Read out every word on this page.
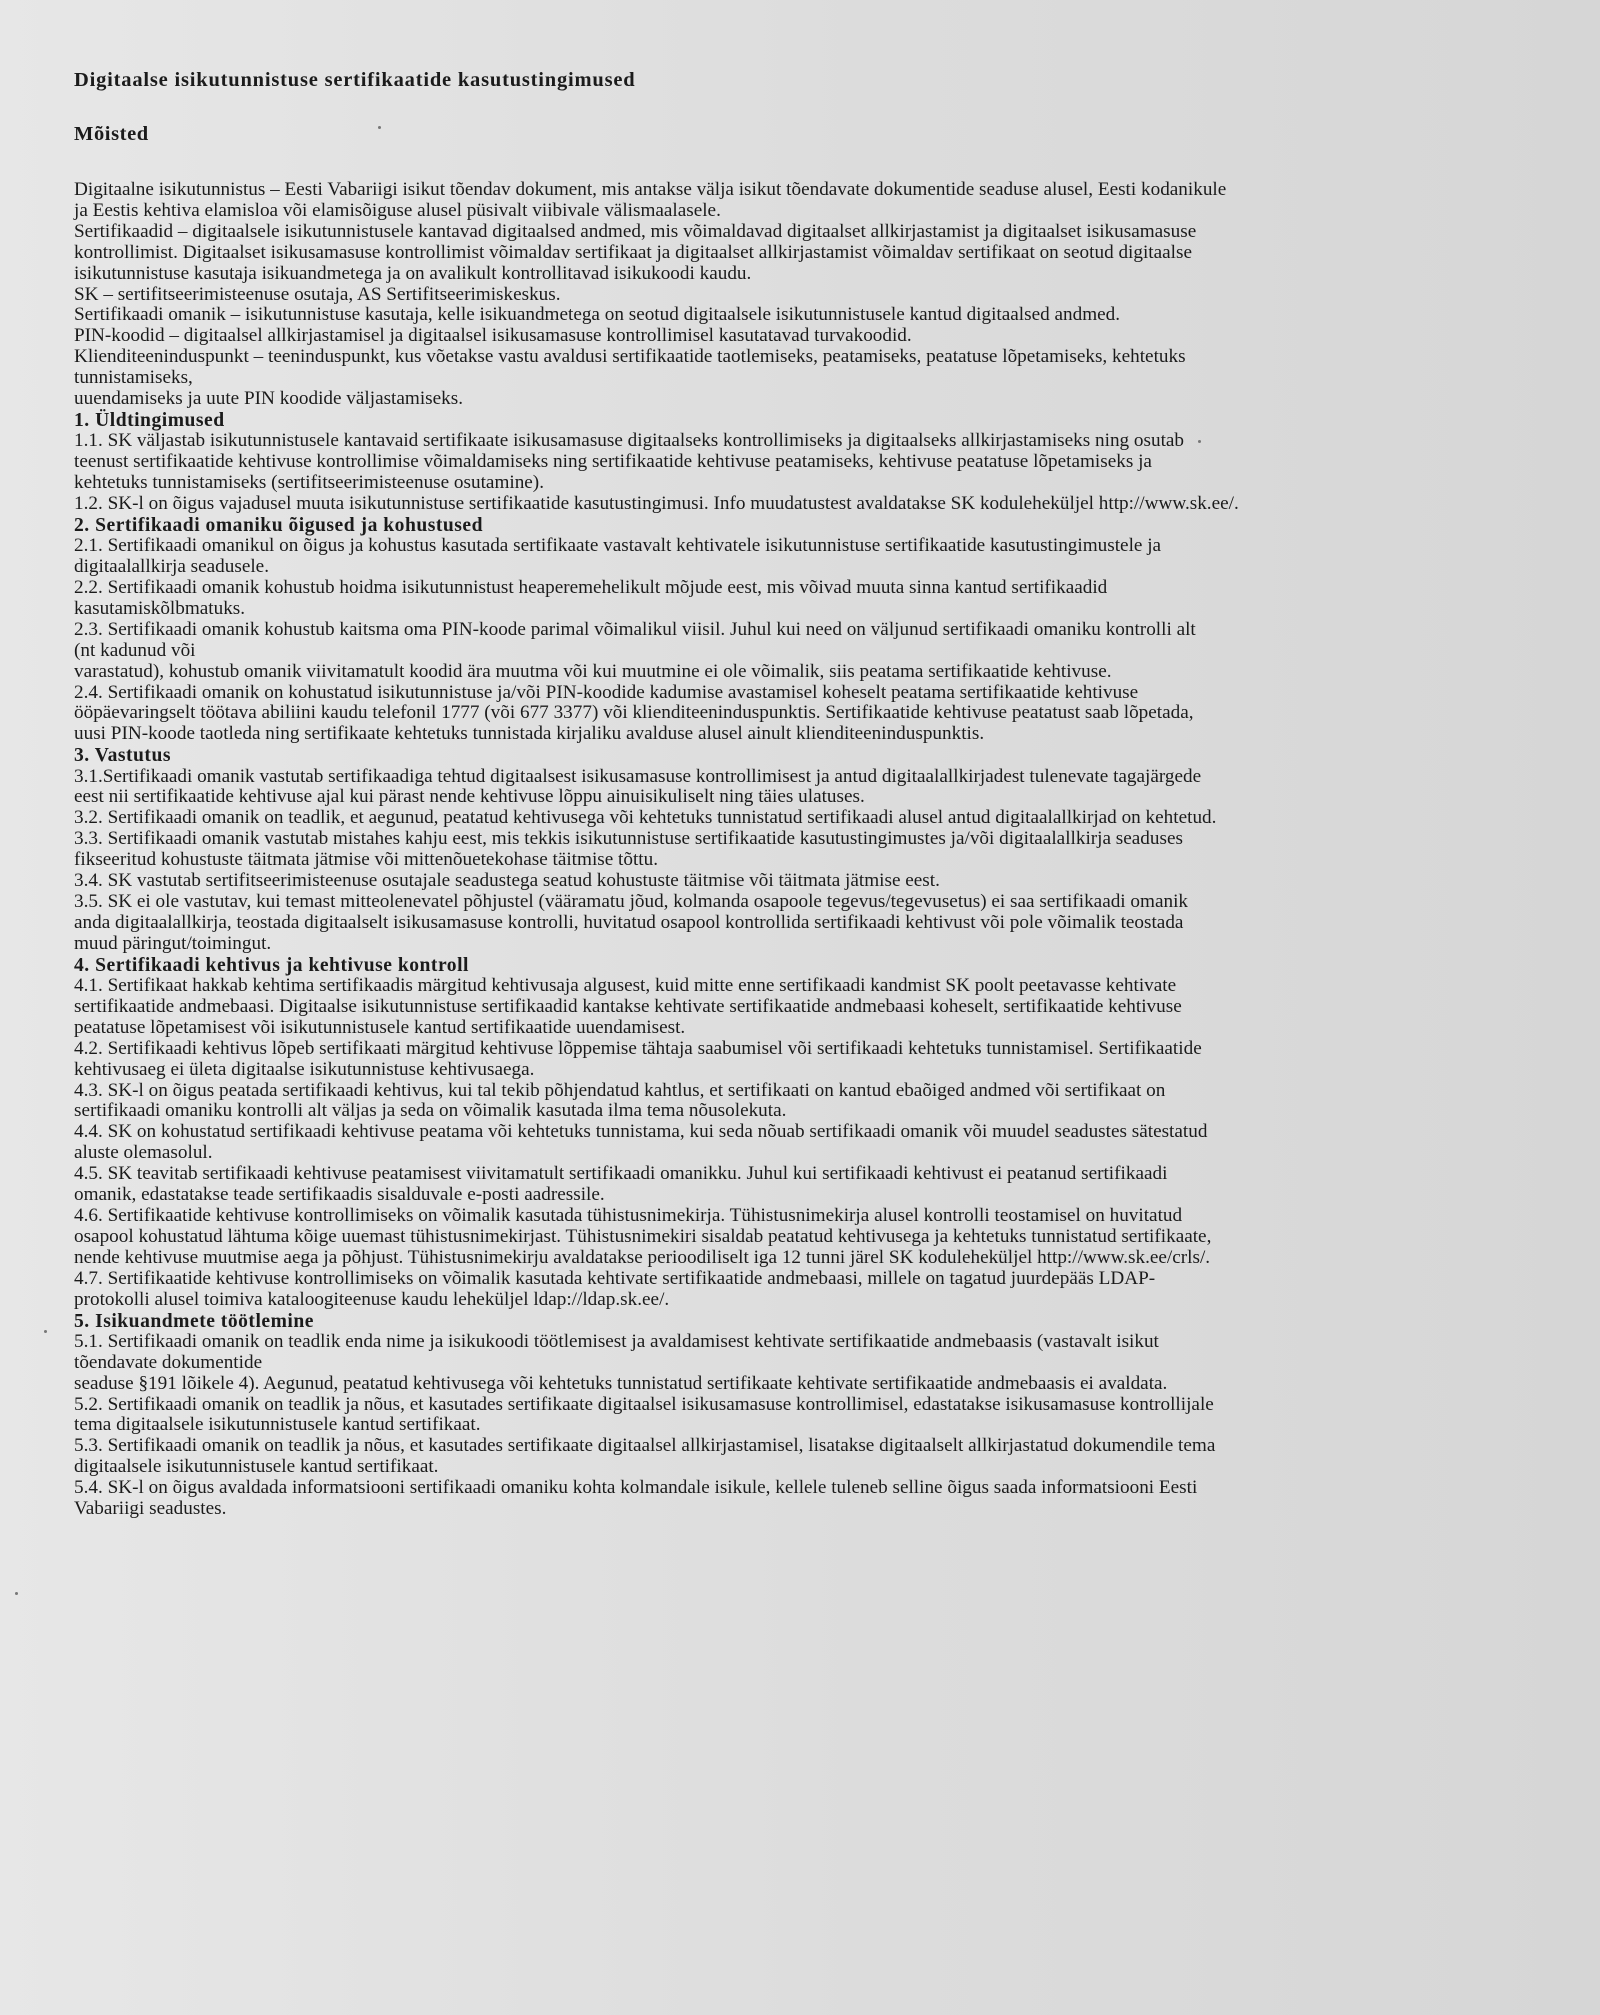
Digitaalse isikutunnistuse sertifikaatide kasutustingimused
Mõisted

Digitaalne isikutunnistus – Eesti Vabariigi isikut tõendav dokument, mis antakse välja isikut tõendavate dokumentide seaduse alusel, Eesti kodanikule

ja Eestis kehtiva elamisloa või elamisõiguse alusel püsivalt viibivale välismaalasele.

Sertifikaadid – digitaalsele isikutunnistusele kantavad digitaalsed andmed, mis võimaldavad digitaalset allkirjastamist ja digitaalset isikusamasuse

kontrollimist. Digitaalset isikusamasuse kontrollimist võimaldav sertifikaat ja digitaalset allkirjastamist võimaldav sertifikaat on seotud digitaalse

isikutunnistuse kasutaja isikuandmetega ja on avalikult kontrollitavad isikukoodi kaudu.

SK – sertifitseerimisteenuse osutaja, AS Sertifitseerimiskeskus.

Sertifikaadi omanik – isikutunnistuse kasutaja, kelle isikuandmetega on seotud digitaalsele isikutunnistusele kantud digitaalsed andmed.

PIN-koodid – digitaalsel allkirjastamisel ja digitaalsel isikusamasuse kontrollimisel kasutatavad turvakoodid.

Klienditeeninduspunkt – teeninduspunkt, kus võetakse vastu avaldusi sertifikaatide taotlemiseks, peatamiseks, peatatuse lõpetamiseks, kehtetuks

tunnistamiseks,

uuendamiseks ja uute PIN koodide väljastamiseks.

1. Üldtingimused

1.1. SK väljastab isikutunnistusele kantavaid sertifikaate isikusamasuse digitaalseks kontrollimiseks ja digitaalseks allkirjastamiseks ning osutab

teenust sertifikaatide kehtivuse kontrollimise võimaldamiseks ning sertifikaatide kehtivuse peatamiseks, kehtivuse peatatuse lõpetamiseks ja

kehtetuks tunnistamiseks (sertifitseerimisteenuse osutamine).

1.2. SK-l on õigus vajadusel muuta isikutunnistuse sertifikaatide kasutustingimusi. Info muudatustest avaldatakse SK koduleheküljel http://www.sk.ee/.

2. Sertifikaadi omaniku õigused ja kohustused

2.1. Sertifikaadi omanikul on õigus ja kohustus kasutada sertifikaate vastavalt kehtivatele isikutunnistuse sertifikaatide kasutustingimustele ja

digitaalallkirja seadusele.

2.2. Sertifikaadi omanik kohustub hoidma isikutunnistust heaperemehelikult mõjude eest, mis võivad muuta sinna kantud sertifikaadid

kasutamiskõlbmatuks.

2.3. Sertifikaadi omanik kohustub kaitsma oma PIN-koode parimal võimalikul viisil. Juhul kui need on väljunud sertifikaadi omaniku kontrolli alt

(nt kadunud või

varastatud), kohustub omanik viivitamatult koodid ära muutma või kui muutmine ei ole võimalik, siis peatama sertifikaatide kehtivuse.

2.4. Sertifikaadi omanik on kohustatud isikutunnistuse ja/või PIN-koodide kadumise avastamisel koheselt peatama sertifikaatide kehtivuse

ööpäevaringselt töötava abiliini kaudu telefonil 1777 (või 677 3377) või klienditeeninduspunktis. Sertifikaatide kehtivuse peatatust saab lõpetada,

uusi PIN-koode taotleda ning sertifikaate kehtetuks tunnistada kirjaliku avalduse alusel ainult klienditeeninduspunktis.

3. Vastutus

3.1.Sertifikaadi omanik vastutab sertifikaadiga tehtud digitaalsest isikusamasuse kontrollimisest ja antud digitaalallkirjadest tulenevate tagajärgede

eest nii sertifikaatide kehtivuse ajal kui pärast nende kehtivuse lõppu ainuisikuliselt ning täies ulatuses.

3.2. Sertifikaadi omanik on teadlik, et aegunud, peatatud kehtivusega või kehtetuks tunnistatud sertifikaadi alusel antud digitaalallkirjad on kehtetud.

3.3. Sertifikaadi omanik vastutab mistahes kahju eest, mis tekkis isikutunnistuse sertifikaatide kasutustingimustes ja/või digitaalallkirja seaduses

fikseeritud kohustuste täitmata jätmise või mittenõuetekohase täitmise tõttu.

3.4. SK vastutab sertifitseerimisteenuse osutajale seadustega seatud kohustuste täitmise või täitmata jätmise eest.

3.5. SK ei ole vastutav, kui temast mitteolenevatel põhjustel (vääramatu jõud, kolmanda osapoole tegevus/tegevusetus) ei saa sertifikaadi omanik

anda digitaalallkirja, teostada digitaalselt isikusamasuse kontrolli, huvitatud osapool kontrollida sertifikaadi kehtivust või pole võimalik teostada

muud päringut/toimingut.

4. Sertifikaadi kehtivus ja kehtivuse kontroll

4.1. Sertifikaat hakkab kehtima sertifikaadis märgitud kehtivusaja algusest, kuid mitte enne sertifikaadi kandmist SK poolt peetavasse kehtivate

sertifikaatide andmebaasi. Digitaalse isikutunnistuse sertifikaadid kantakse kehtivate sertifikaatide andmebaasi koheselt, sertifikaatide kehtivuse

peatatuse lõpetamisest või isikutunnistusele kantud sertifikaatide uuendamisest.

4.2. Sertifikaadi kehtivus lõpeb sertifikaati märgitud kehtivuse lõppemise tähtaja saabumisel või sertifikaadi kehtetuks tunnistamisel. Sertifikaatide

kehtivusaeg ei ületa digitaalse isikutunnistuse kehtivusaega.

4.3. SK-l on õigus peatada sertifikaadi kehtivus, kui tal tekib põhjendatud kahtlus, et sertifikaati on kantud ebaõiged andmed või sertifikaat on

sertifikaadi omaniku kontrolli alt väljas ja seda on võimalik kasutada ilma tema nõusolekuta.

4.4. SK on kohustatud sertifikaadi kehtivuse peatama või kehtetuks tunnistama, kui seda nõuab sertifikaadi omanik või muudel seadustes sätestatud

aluste olemasolul.

4.5. SK teavitab sertifikaadi kehtivuse peatamisest viivitamatult sertifikaadi omanikku. Juhul kui sertifikaadi kehtivust ei peatanud sertifikaadi

omanik, edastatakse teade sertifikaadis sisalduvale e-posti aadressile.

4.6. Sertifikaatide kehtivuse kontrollimiseks on võimalik kasutada tühistusnimekirja. Tühistusnimekirja alusel kontrolli teostamisel on huvitatud

osapool kohustatud lähtuma kõige uuemast tühistusnimekirjast. Tühistusnimekiri sisaldab peatatud kehtivusega ja kehtetuks tunnistatud sertifikaate,

nende kehtivuse muutmise aega ja põhjust. Tühistusnimekirju avaldatakse perioodiliselt iga 12 tunni järel SK koduleheküljel http://www.sk.ee/crls/.

4.7. Sertifikaatide kehtivuse kontrollimiseks on võimalik kasutada kehtivate sertifikaatide andmebaasi, millele on tagatud juurdepääs LDAP-

protokolli alusel toimiva kataloogiteenuse kaudu leheküljel ldap://ldap.sk.ee/.

5. Isikuandmete töötlemine

5.1. Sertifikaadi omanik on teadlik enda nime ja isikukoodi töötlemisest ja avaldamisest kehtivate sertifikaatide andmebaasis (vastavalt isikut

tõendavate dokumentide

seaduse §191 lõikele 4). Aegunud, peatatud kehtivusega või kehtetuks tunnistatud sertifikaate kehtivate sertifikaatide andmebaasis ei avaldata.

5.2. Sertifikaadi omanik on teadlik ja nõus, et kasutades sertifikaate digitaalsel isikusamasuse kontrollimisel, edastatakse isikusamasuse kontrollijale

tema digitaalsele isikutunnistusele kantud sertifikaat.

5.3. Sertifikaadi omanik on teadlik ja nõus, et kasutades sertifikaate digitaalsel allkirjastamisel, lisatakse digitaalselt allkirjastatud dokumendile tema

digitaalsele isikutunnistusele kantud sertifikaat.

5.4. SK-l on õigus avaldada informatsiooni sertifikaadi omaniku kohta kolmandale isikule, kellele tuleneb selline õigus saada informatsiooni Eesti

Vabariigi seadustes.
